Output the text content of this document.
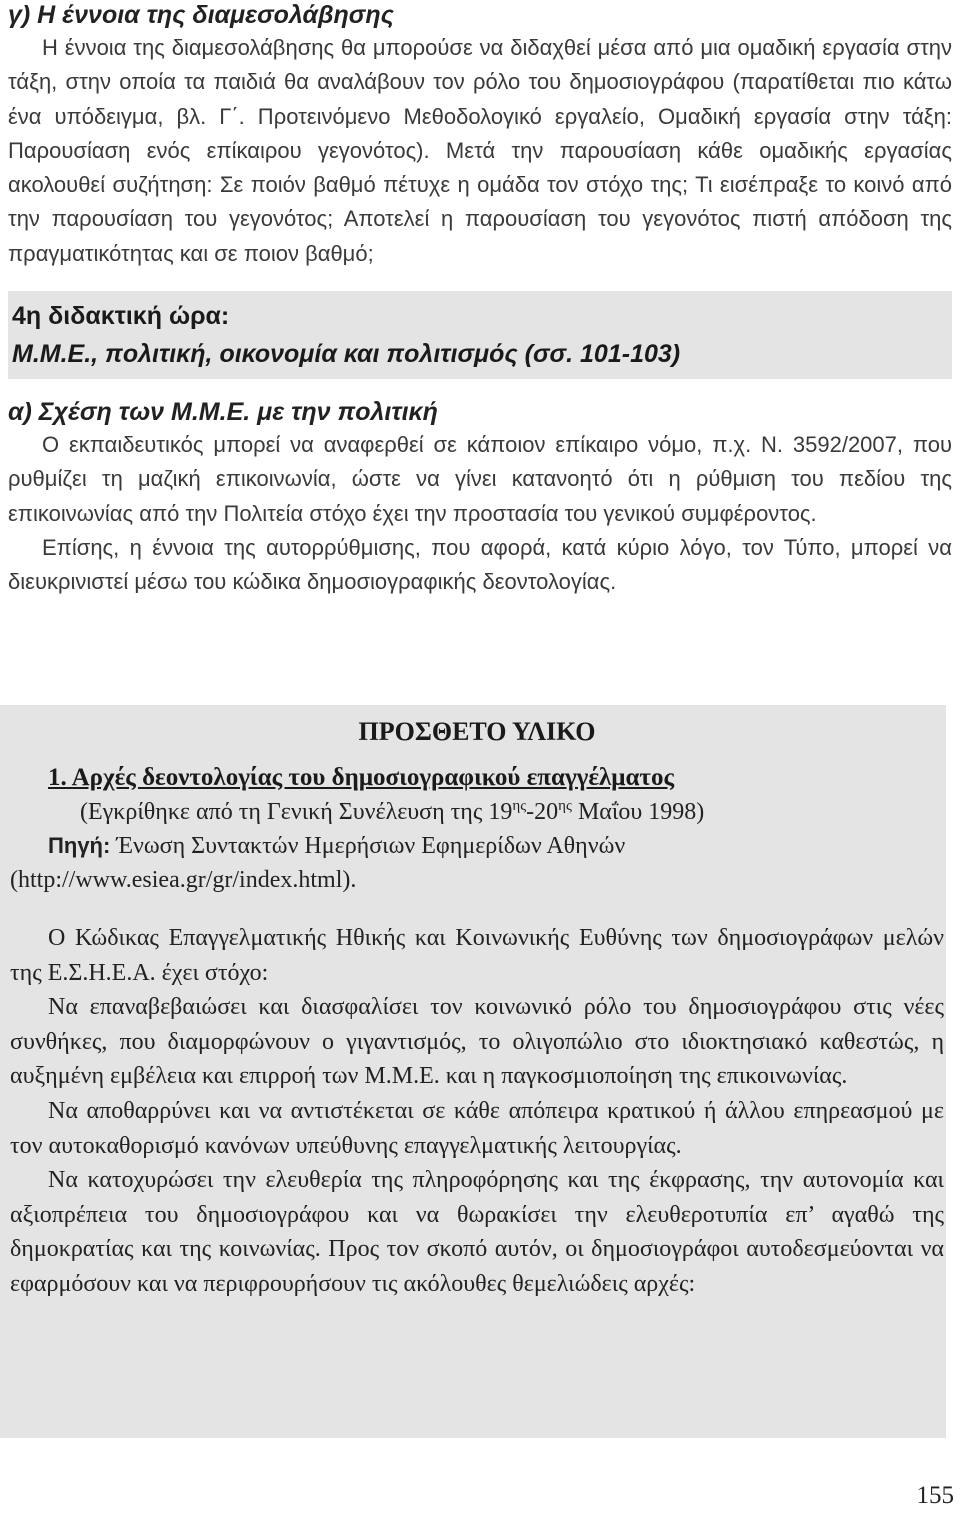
γ) Η έννοια της διαμεσολάβησης

Η έννοια της διαμεσολάβησης θα μπορούσε να διδαχθεί μέσα από μια ομαδική εργασία στην τάξη, στην οποία τα παιδιά θα αναλάβουν τον ρόλο του δημοσιογράφου (παρατίθεται πιο κάτω ένα υπόδειγμα, βλ. Γ΄. Προτεινόμενο Μεθοδολογικό εργαλείο, Ομαδική εργασία στην τάξη: Παρουσίαση ενός επίκαιρου γεγονότος). Μετά την παρουσίαση κάθε ομαδικής εργασίας ακολουθεί συζήτηση: Σε ποιόν βαθμό πέτυχε η ομάδα τον στόχο της; Τι εισέπραξε το κοινό από την παρουσίαση του γεγονότος; Αποτελεί η παρουσίαση του γεγονότος πιστή απόδοση της πραγματικότητας και σε ποιον βαθμό;

4η διδακτική ώρα:

Μ.Μ.Ε., πολιτική, οικονομία και πολιτισμός (σσ. 101-103)

α) Σχέση των Μ.Μ.Ε. με την πολιτική

Ο εκπαιδευτικός μπορεί να αναφερθεί σε κάποιον επίκαιρο νόμο, π.χ. Ν. 3592/2007, που ρυθμίζει τη μαζική επικοινωνία, ώστε να γίνει κατανοητό ότι η ρύθμιση του πεδίου της επικοινωνίας από την Πολιτεία στόχο έχει την προστασία του γενικού συμφέροντος.

Επίσης, η έννοια της αυτορρύθμισης, που αφορά, κατά κύριο λόγο, τον Τύπο, μπορεί να διευκρινιστεί μέσω του κώδικα δημοσιογραφικής δεοντολογίας.

ΠΡΟΣΘΕΤΟ ΥΛΙΚΟ

1. Αρχές δεοντολογίας του δημοσιογραφικού επαγγέλματος

(Εγκρίθηκε από τη Γενική Συνέλευση της $19^{\eta\varsigma}-20^{\eta\varsigma}$ Μαΐου 1998)

Πηγή: Ένωση Συντακτών Ημερήσιων Εφημερίδων Αθηνών (http://www.esiea.gr/gr/index.html).

Ο Κώδικας Επαγγελματικής Ηθικής και Κοινωνικής Ευθύνης των δημοσιογράφων μελών της Ε.Σ.Η.Ε.Α. έχει στόχο:

Να επαναβεβαιώσει και διασφαλίσει τον κοινωνικό ρόλο του δημοσιογράφου στις νέες συνθήκες, που διαμορφώνουν ο γιγαντισμός, το ολιγοπώλιο στο ιδιοκτησιακό καθεστώς, η αυξημένη εμβέλεια και επιρροή των Μ.Μ.Ε. και η παγκοσμιοποίηση της επικοινωνίας.

Να αποθαρρύνει και να αντιστέκεται σε κάθε απόπειρα κρατικού ή άλλου επηρεασμού με τον αυτοκαθορισμό κανόνων υπεύθυνης επαγγελματικής λειτουργίας.

Να κατοχυρώσει την ελευθερία της πληροφόρησης και της έκφρασης, την αυτονομία και αξιοπρέπεια του δημοσιογράφου και να θωρακίσει την ελευθεροτυπία επ’ αγαθώ της δημοκρατίας και της κοινωνίας. Προς τον σκοπό αυτόν, οι δημοσιογράφοι αυτοδεσμεύονται να εφαρμόσουν και να περιφρουρήσουν τις ακόλουθες θεμελιώδεις αρχές:

155
